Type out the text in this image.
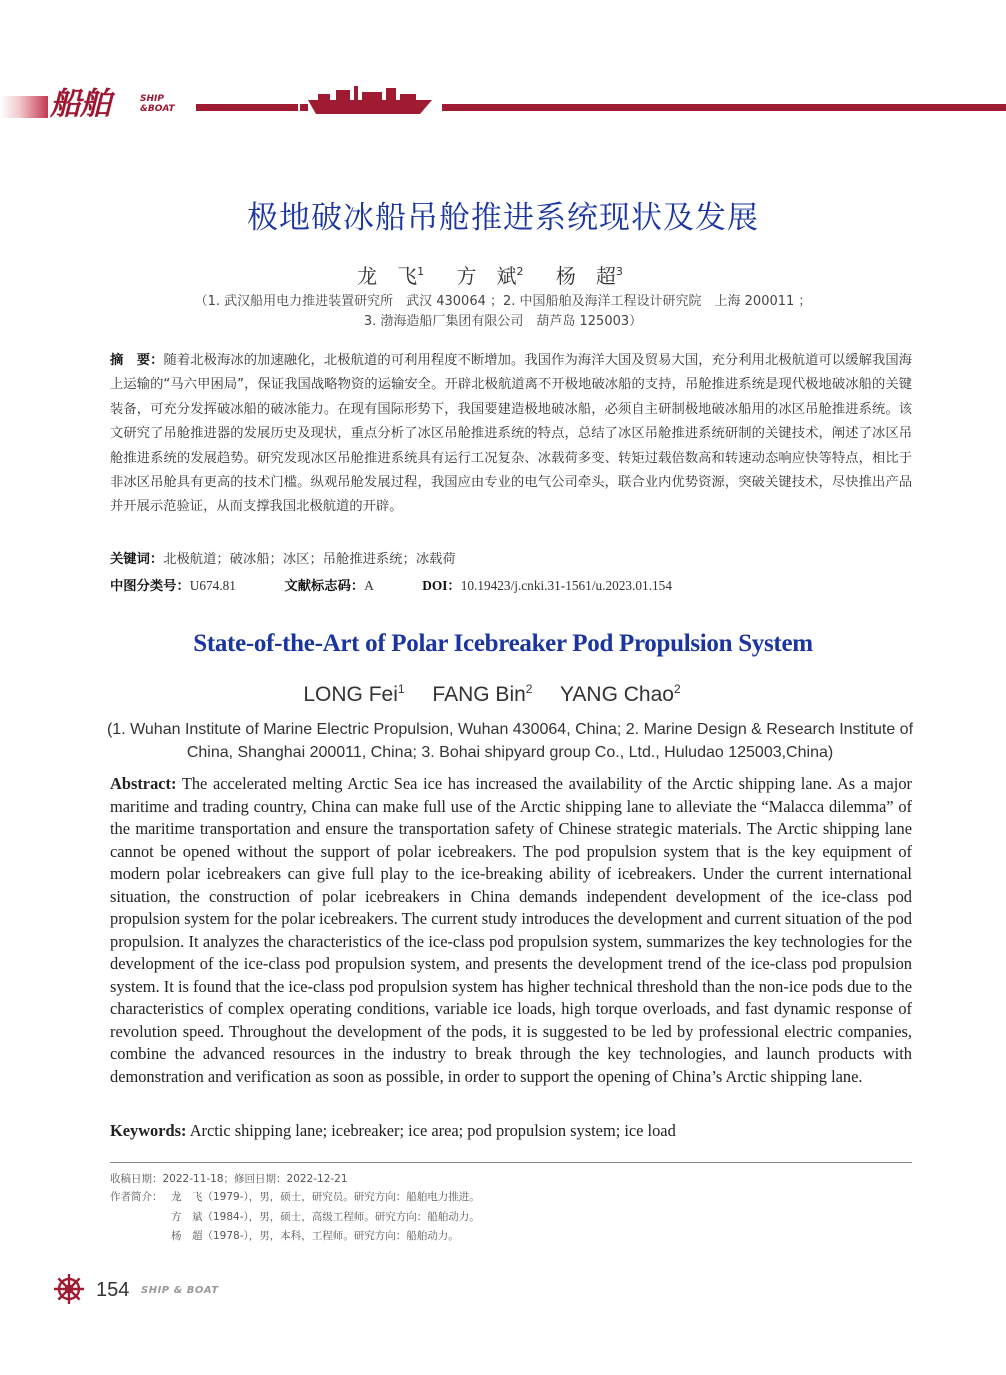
船舶	SHIP
&BOAT
极地破冰船吊舱推进系统现状及发展
龙　飞$^1$ 方　斌$^2$ 杨　超$^3$
（1. 武汉船用电力推进装置研究所　武汉 430064 ；2. 中国船舶及海洋工程设计研究院　上海 200011 ；
3. 渤海造船厂集团有限公司　葫芦岛 125003）
摘　要：随着北极海冰的加速融化，北极航道的可利用程度不断增加。我国作为海洋大国及贸易大国，充分利用北极航道可以缓解我国海上运输的“马六甲困局”，保证我国战略物资的运输安全。开辟北极航道离不开极地破冰船的支持，吊舱推进系统是现代极地破冰船的关键装备，可充分发挥破冰船的破冰能力。在现有国际形势下，我国要建造极地破冰船，必须自主研制极地破冰船用的冰区吊舱推进系统。该文研究了吊舱推进器的发展历史及现状，重点分析了冰区吊舱推进系统的特点，总结了冰区吊舱推进系统研制的关键技术，阐述了冰区吊舱推进系统的发展趋势。研究发现冰区吊舱推进系统具有运行工况复杂、冰载荷多变、转矩过载倍数高和转速动态响应快等特点，相比于非冰区吊舱具有更高的技术门槛。纵观吊舱发展过程，我国应由专业的电气公司牵头，联合业内优势资源，突破关键技术，尽快推出产品并开展示范验证，从而支撑我国北极航道的开辟。
关键词：北极航道；破冰船；冰区；吊舱推进系统；冰载荷
中图分类号：U674.81	文献标志码：A	DOI：10.19423/j.cnki.31-1561/u.2023.01.154
State-of-the-Art of Polar Icebreaker Pod Propulsion System
LONG Fei$^1$ FANG Bin$^2$ YANG Chao$^2$
(1. Wuhan Institute of Marine Electric Propulsion, Wuhan 430064, China; 2. Marine Design & Research Institute of China, Shanghai 200011, China; 3. Bohai shipyard group Co., Ltd., Huludao 125003,China)
Abstract: The accelerated melting Arctic Sea ice has increased the availability of the Arctic shipping lane. As a major maritime and trading country, China can make full use of the Arctic shipping lane to alleviate the “Malacca dilemma” of the maritime transportation and ensure the transportation safety of Chinese strategic materials. The Arctic shipping lane cannot be opened without the support of polar icebreakers. The pod propulsion system that is the key equipment of modern polar icebreakers can give full play to the ice-breaking ability of icebreakers. Under the current international situation, the construction of polar icebreakers in China demands independent development of the ice-class pod propulsion system for the polar icebreakers. The current study introduces the development and current situation of the pod propulsion. It analyzes the characteristics of the ice-class pod propulsion system, summarizes the key technologies for the development of the ice-class pod propulsion system, and presents the development trend of the ice-class pod propulsion system. It is found that the ice-class pod propulsion system has higher technical threshold than the non-ice pods due to the characteristics of complex operating conditions, variable ice loads, high torque overloads, and fast dynamic response of revolution speed. Throughout the development of the pods, it is suggested to be led by professional electric companies, combine the advanced resources in the industry to break through the key technologies, and launch products with demonstration and verification as soon as possible, in order to support the opening of China’s Arctic shipping lane.
Keywords: Arctic shipping lane; icebreaker; ice area; pod propulsion system; ice load
收稿日期：2022-11-18；修回日期：2022-12-21
作者简介： 龙　飞（1979-），男，硕士，研究员。研究方向：船舶电力推进。
方　斌（1984-），男，硕士，高级工程师。研究方向：船舶动力。
杨　超（1978-），男，本科，工程师。研究方向：船舶动力。
154 SHIP & BOAT
